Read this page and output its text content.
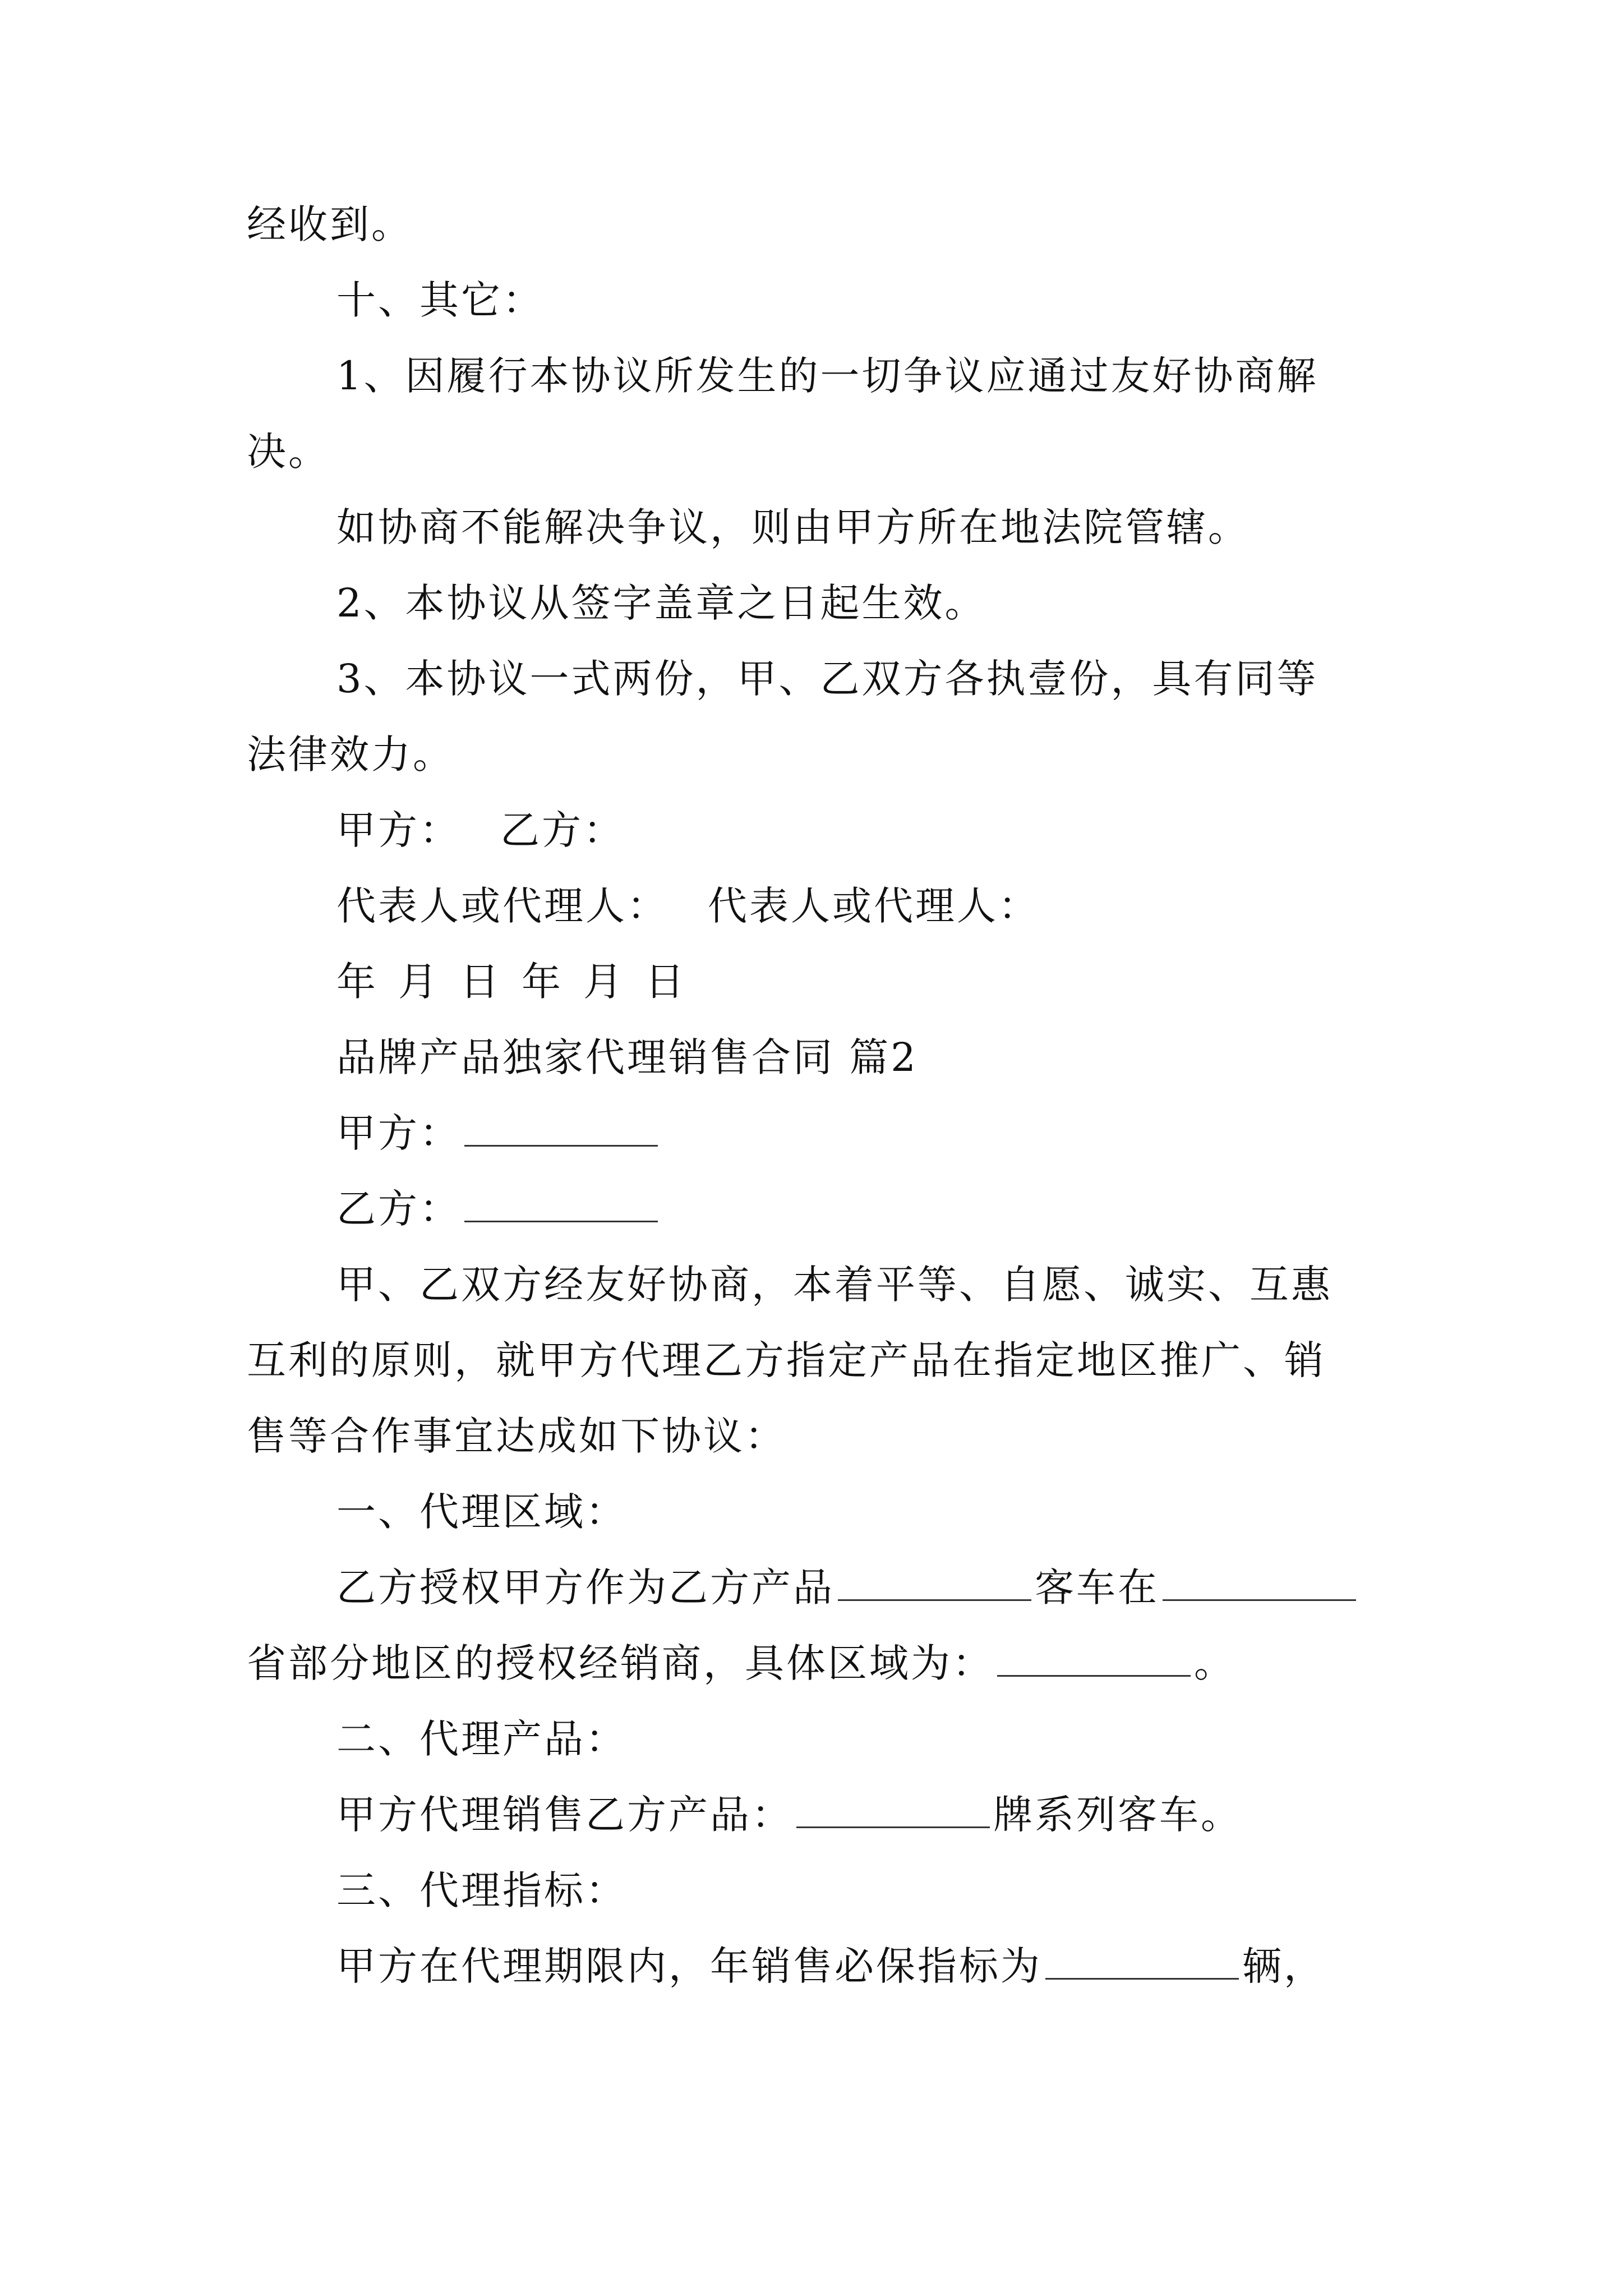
经收到。
十、其它：
1、因履行本协议所发生的一切争议应通过友好协商解
决。
如协商不能解决争议，则由甲方所在地法院管辖。
2、本协议从签字盖章之日起生效。
3、本协议一式两份，甲、乙双方各执壹份，具有同等
法律效力。
甲方： 乙方：
代表人或代理人： 代表人或代理人：
年 月 日 年 月 日
品牌产品独家代理销售合同 篇2
甲方：
乙方：
甲、乙双方经友好协商，本着平等、自愿、诚实、互惠
互利的原则，就甲方代理乙方指定产品在指定地区推广、销
售等合作事宜达成如下协议：
一、代理区域：
乙方授权甲方作为乙方产品	客车在
省部分地区的授权经销商，具体区域为：	。
二、代理产品：
甲方代理销售乙方产品：	牌系列客车。
三、代理指标：
甲方在代理期限内，年销售必保指标为	辆，
